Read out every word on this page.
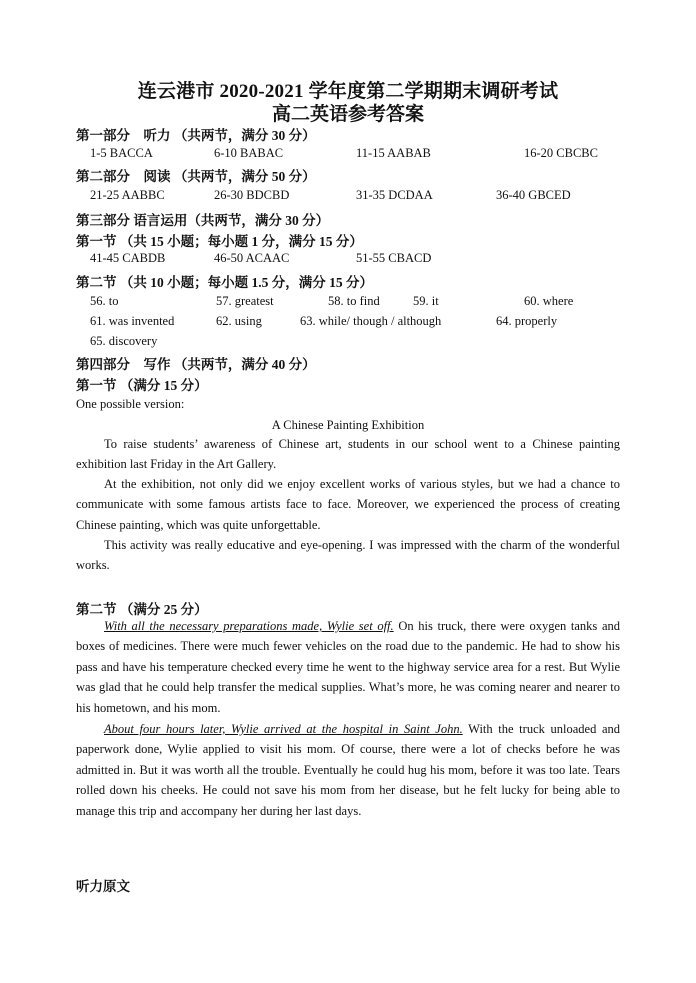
连云港市 2020-2021 学年度第二学期期末调研考试
高二英语参考答案
第一部分　听力 （共两节，满分 30 分）
1-5 BACCA	6-10 BABAC	11-15 AABAB	16-20 CBCBC
第二部分　阅读 （共两节，满分 50 分）
21-25 AABBC	26-30 BDCBD	31-35 DCDAA	36-40 GBCED
第三部分 语言运用（共两节，满分 30 分）
第一节 （共 15 小题；每小题 1 分，满分 15 分）
41-45 CABDB	46-50 ACAAC	51-55 CBACD
第二节 （共 10 小题；每小题 1.5 分，满分 15 分）
56. to	57. greatest	58. to find	59. it	60. where
61. was invented	62. using	63. while/ though / although	64. properly
65. discovery
第四部分　写作 （共两节，满分 40 分）
第一节 （满分 15 分）
One possible version:
A Chinese Painting Exhibition
To raise students’ awareness of Chinese art, students in our school went to a Chinese painting exhibition last Friday in the Art Gallery.
At the exhibition, not only did we enjoy excellent works of various styles, but we had a chance to communicate with some famous artists face to face. Moreover, we experienced the process of creating Chinese painting, which was quite unforgettable.
This activity was really educative and eye-opening. I was impressed with the charm of the wonderful works.
第二节 （满分 25 分）
With all the necessary preparations made, Wylie set off. On his truck, there were oxygen tanks and boxes of medicines. There were much fewer vehicles on the road due to the pandemic. He had to show his pass and have his temperature checked every time he went to the highway service area for a rest. But Wylie was glad that he could help transfer the medical supplies. What’s more, he was coming nearer and nearer to his hometown, and his mom.
About four hours later, Wylie arrived at the hospital in Saint John. With the truck unloaded and paperwork done, Wylie applied to visit his mom. Of course, there were a lot of checks before he was admitted in. But it was worth all the trouble. Eventually he could hug his mom, before it was too late. Tears rolled down his cheeks. He could not save his mom from her disease, but he felt lucky for being able to manage this trip and accompany her during her last days.
听力原文
